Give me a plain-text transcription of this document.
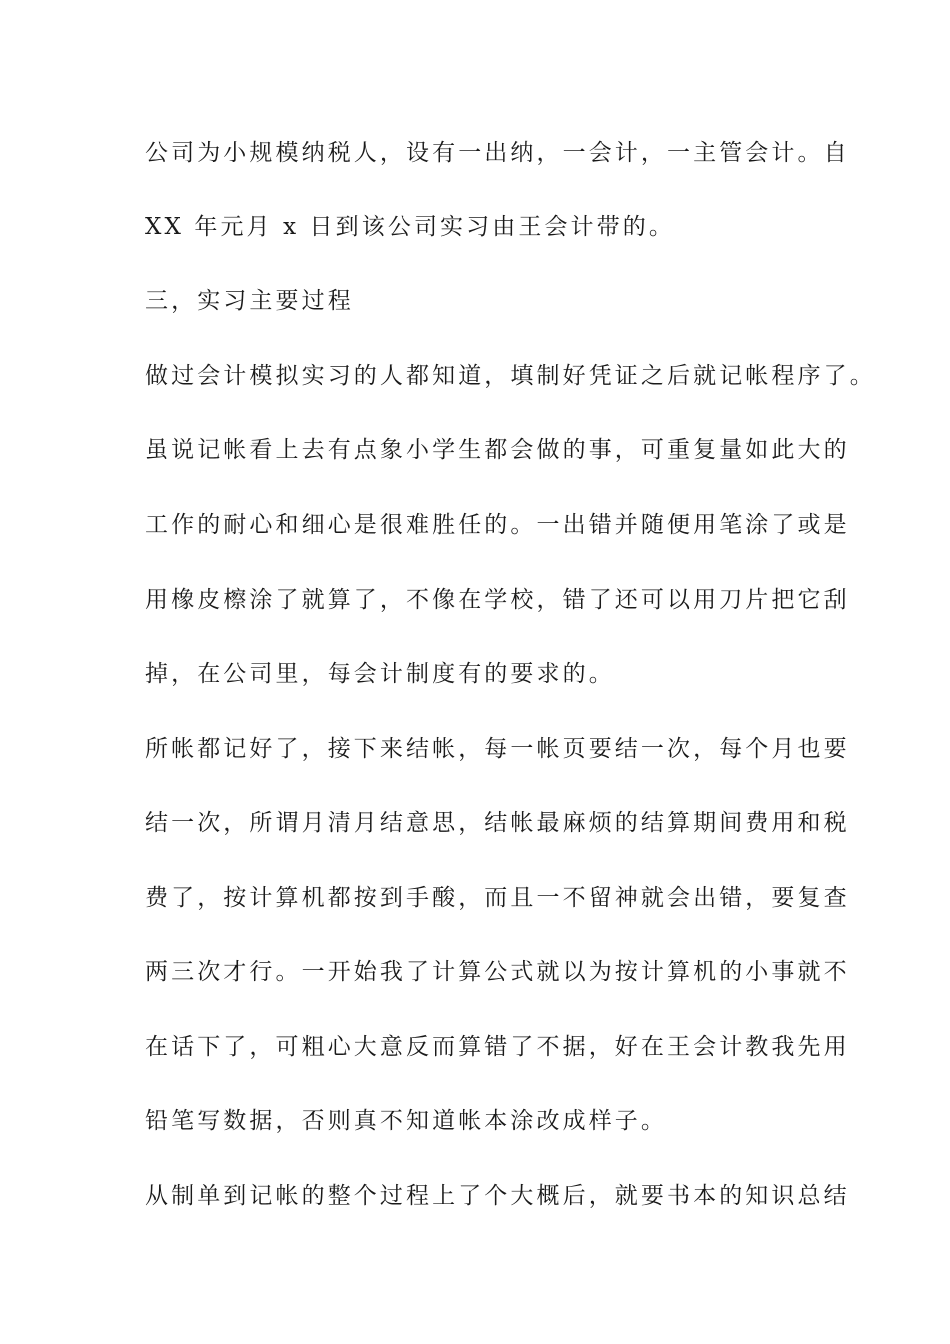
公司为小规模纳税人，设有一出纳，一会计，一主管会计。自

XX 年元月 x 日到该公司实习由王会计带的。

三，实习主要过程

做过会计模拟实习的人都知道，填制好凭证之后就记帐程序了。

虽说记帐看上去有点象小学生都会做的事，可重复量如此大的

工作的耐心和细心是很难胜任的。一出错并随便用笔涂了或是

用橡皮檫涂了就算了，不像在学校，错了还可以用刀片把它刮

掉，在公司里，每会计制度有的要求的。

所帐都记好了，接下来结帐，每一帐页要结一次，每个月也要

结一次，所谓月清月结意思，结帐最麻烦的结算期间费用和税

费了，按计算机都按到手酸，而且一不留神就会出错，要复查

两三次才行。一开始我了计算公式就以为按计算机的小事就不

在话下了，可粗心大意反而算错了不据，好在王会计教我先用

铅笔写数据，否则真不知道帐本涂改成样子。

从制单到记帐的整个过程上了个大概后，就要书本的知识总结
